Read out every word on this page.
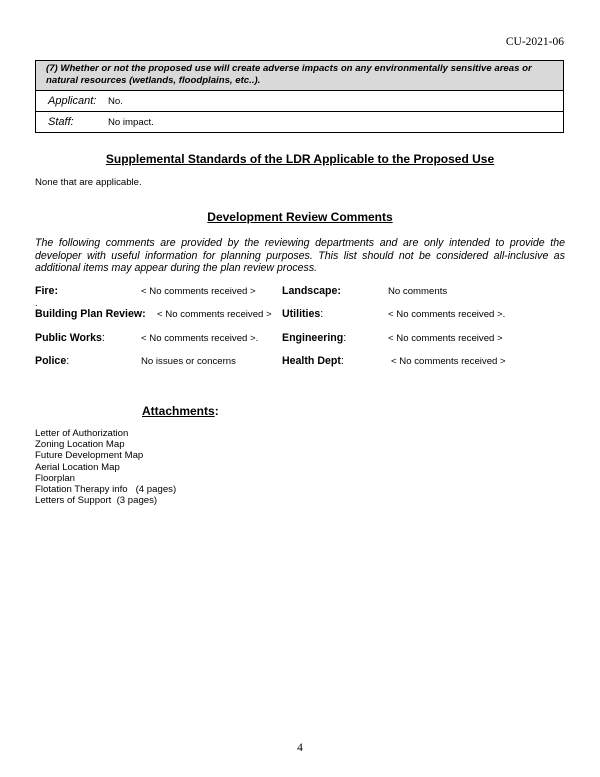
CU-2021-06
(7) Whether or not the proposed use will create adverse impacts on any environmentally sensitive areas or natural resources (wetlands, floodplains, etc..).
Applicant:	No.
Staff:	No impact.
Supplemental Standards of the LDR Applicable to the Proposed Use
None that are applicable.
Development Review Comments
The following comments are provided by the reviewing departments and are only intended to provide the developer with useful information for planning purposes. This list should not be considered all-inclusive as additional items may appear during the plan review process.
Fire:	< No comments received > Landscape:	No comments
.
Building Plan Review: < No comments received > Utilities:	< No comments received >.
Public Works:	< No comments received >. Engineering:	< No comments received >
Police:	No issues or concerns	Health Dept:	< No comments received >
Attachments:
Letter of Authorization
Zoning Location Map
Future Development Map
Aerial Location Map
Floorplan
Flotation Therapy info   (4 pages)
Letters of Support  (3 pages)
4
